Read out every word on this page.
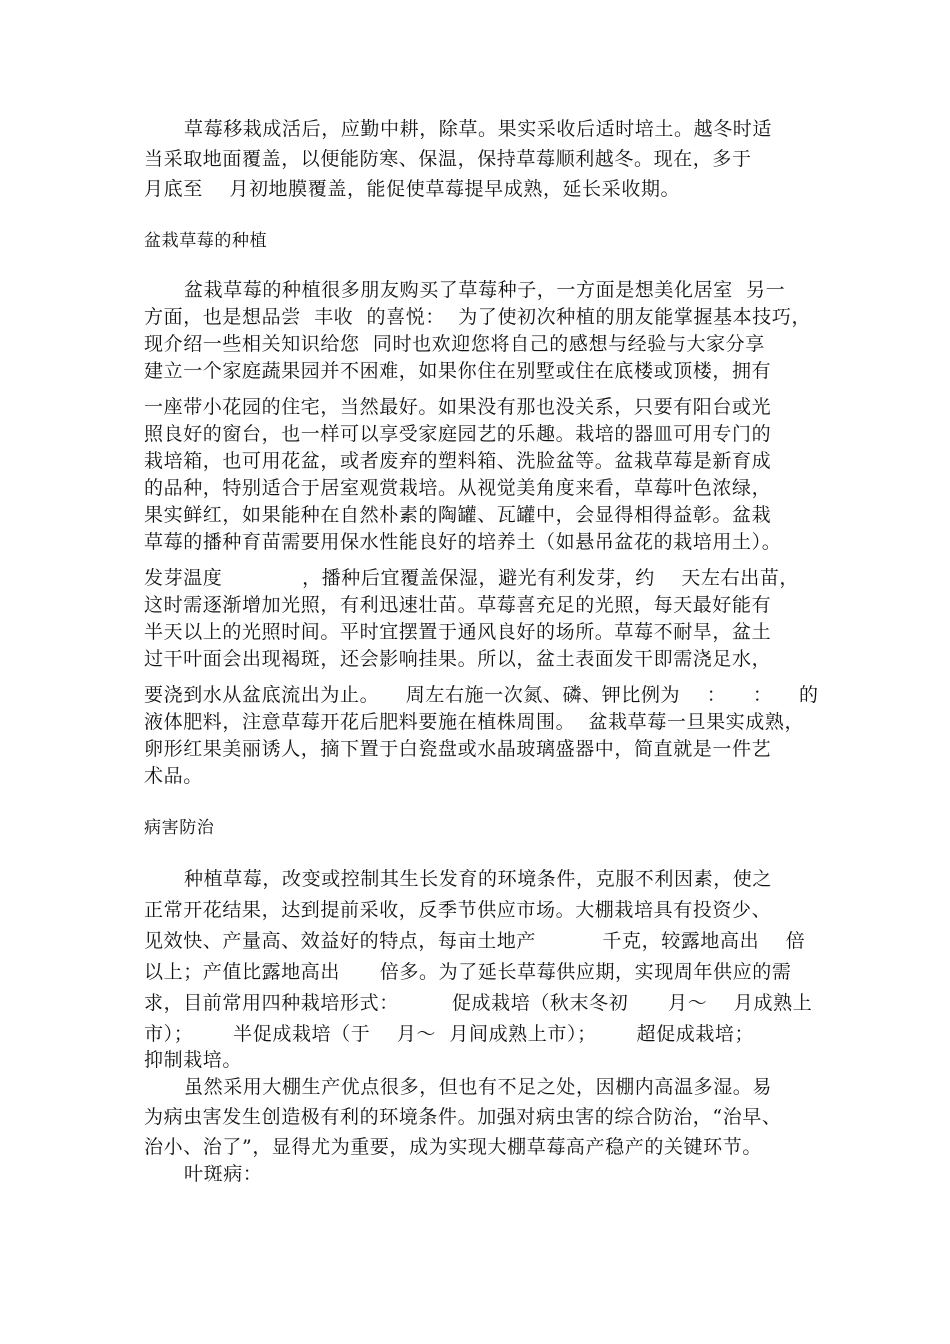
草莓移栽成活后，应勤中耕，除草。果实采收后适时培土。越冬时适
当采取地面覆盖，以便能防寒、保温，保持草莓顺利越冬。现在，多于
月底至    月初地膜覆盖，能促使草莓提早成熟，延长采收期。
盆栽草莓的种植
盆栽草莓的种植很多朋友购买了草莓种子，一方面是想美化居室  另一
方面，也是想品尝  丰收  的喜悦：  为了使初次种植的朋友能掌握基本技巧，
现介绍一些相关知识给您  同时也欢迎您将自己的感想与经验与大家分享
建立一个家庭蔬果园并不困难，如果你住在别墅或住在底楼或顶楼，拥有
一座带小花园的住宅，当然最好。如果没有那也没关系，只要有阳台或光
照良好的窗台，也一样可以享受家庭园艺的乐趣。栽培的器皿可用专门的
栽培箱，也可用花盆，或者废弃的塑料箱、洗脸盆等。盆栽草莓是新育成
的品种，特别适合于居室观赏栽培。从视觉美角度来看，草莓叶色浓绿，
果实鲜红，如果能种在自然朴素的陶罐、瓦罐中，会显得相得益彰。盆栽
草莓的播种育苗需要用保水性能良好的培养土（如悬吊盆花的栽培用土）。
发芽温度            ，播种后宜覆盖保湿，避光有利发芽，约    天左右出苗，
这时需逐渐增加光照，有利迅速壮苗。草莓喜充足的光照，每天最好能有
半天以上的光照时间。平时宜摆置于通风良好的场所。草莓不耐旱，盆土
过干叶面会出现褐斑，还会影响挂果。所以，盆土表面发干即需浇足水，
要浇到水从盆底流出为止。    周左右施一次氮、磷、钾比例为    ：    ：    的
液体肥料，注意草莓开花后肥料要施在植株周围。  盆栽草莓一旦果实成熟，
卵形红果美丽诱人，摘下置于白瓷盘或水晶玻璃盛器中，简直就是一件艺
术品。
病害防治
种植草莓，改变或控制其生长发育的环境条件，克服不利因素，使之
正常开花结果，达到提前采收，反季节供应市场。大棚栽培具有投资少、
见效快、产量高、效益好的特点，每亩土地产          千克，较露地高出    倍
以上；产值比露地高出      倍多。为了延长草莓供应期，实现周年供应的需
求，目前常用四种栽培形式：        促成栽培（秋末冬初      月～    月成熟上
市）；      半促成栽培（于    月～  月间成熟上市）；      超促成栽培；
抑制栽培。
虽然采用大棚生产优点很多，但也有不足之处，因棚内高温多湿。易
为病虫害发生创造极有利的环境条件。加强对病虫害的综合防治，“治早、
治小、治了”，显得尤为重要，成为实现大棚草莓高产稳产的关键环节。
叶斑病：
